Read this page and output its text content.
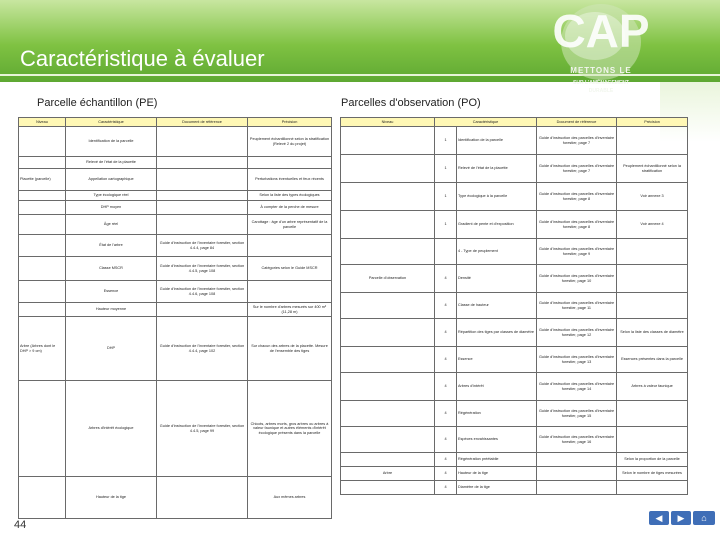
Caractéristique à évaluer	METTONS LE
CAP
SUR L'AMÉNAGEMENT
DURABLE
Parcelle échantillon (PE)	Parcelles d'observation (PO)
Niveau	Caractéristique	Document de référence	Précision
	Identification de la parcelle		Peuplement échantillonné selon la stratification (Relevé 2 du projet)
	Relevé de l'état de la placette		
Placette (parcelle)	Appellation cartographique		Perturbations éventuelles et feux récents
	Type écologique réel		Selon la liste des types écologiques
	DHP moyen		À compter de la perche de mesure
	Âge réel		Carottage : âge d'un arbre représentatif de la parcelle
	État de l'arbre	Guide d'instruction de l'inventaire forestier, section 4.4.4, page 84	
	Classe MSCR	Guide d'instruction de l'inventaire forestier, section 4.4.5, page 108	Catégories selon le Guide MSCR
	Essence	Guide d'instruction de l'inventaire forestier, section 4.4.6, page 108	
	Hauteur moyenne		Sur le nombre d'arbres mesurés sur 400 m² (11,28 m)
Arbre (Arbres dont le DHP > 9 cm)	DHP	Guide d'instruction de l'inventaire forestier, section 4.4.4, page 102	Sur chacun des arbres de la placette. Mesure de l'ensemble des tiges
	Arbres d'intérêt écologique	Guide d'instruction de l'inventaire forestier, section 4.4.5, page 99	Chicots, arbres morts, gros arbres ou arbres à valeur faunique et autres éléments d'intérêt écologique présents dans la parcelle
	Hauteur de la tige		Aux mêmes arbres
Niveau	Caractéristique		Document de référence	Précision
	1	Identification de la parcelle	Guide d'instruction des parcelles d'inventaire forestier, page 7	
	1	Relevé de l'état de la placette	Guide d'instruction des parcelles d'inventaire forestier, page 7	Peuplement échantillonné selon la stratification
	1	Type écologique à la parcelle	Guide d'instruction des parcelles d'inventaire forestier, page 8	Voir annexe 3
	1	Gradient de pente et d'exposition	Guide d'instruction des parcelles d'inventaire forestier, page 8	Voir annexe 4
		4 - Type de peuplement	Guide d'instruction des parcelles d'inventaire forestier, page 9	
Parcelle d'observation	4	Densité	Guide d'instruction des parcelles d'inventaire forestier, page 10	
	4	Classe de hauteur	Guide d'instruction des parcelles d'inventaire forestier, page 11	
	4	Répartition des tiges par classes de diamètre	Guide d'instruction des parcelles d'inventaire forestier, page 12	Selon la liste des classes de diamètre
	4	Essence	Guide d'instruction des parcelles d'inventaire forestier, page 13	Essences présentes dans la parcelle
	4	Arbres d'intérêt	Guide d'instruction des parcelles d'inventaire forestier, page 14	Arbres à valeur faunique
	4	Régénération	Guide d'instruction des parcelles d'inventaire forestier, page 15	
	4	Espèces envahissantes	Guide d'instruction des parcelles d'inventaire forestier, page 16	
	4	Régénération préétablie		Selon la proportion de la parcelle
Arbre	4	Hauteur de la tige		Selon le nombre de tiges mesurées
	4	Diamètre de la tige		
44
◀	▶	⌂
